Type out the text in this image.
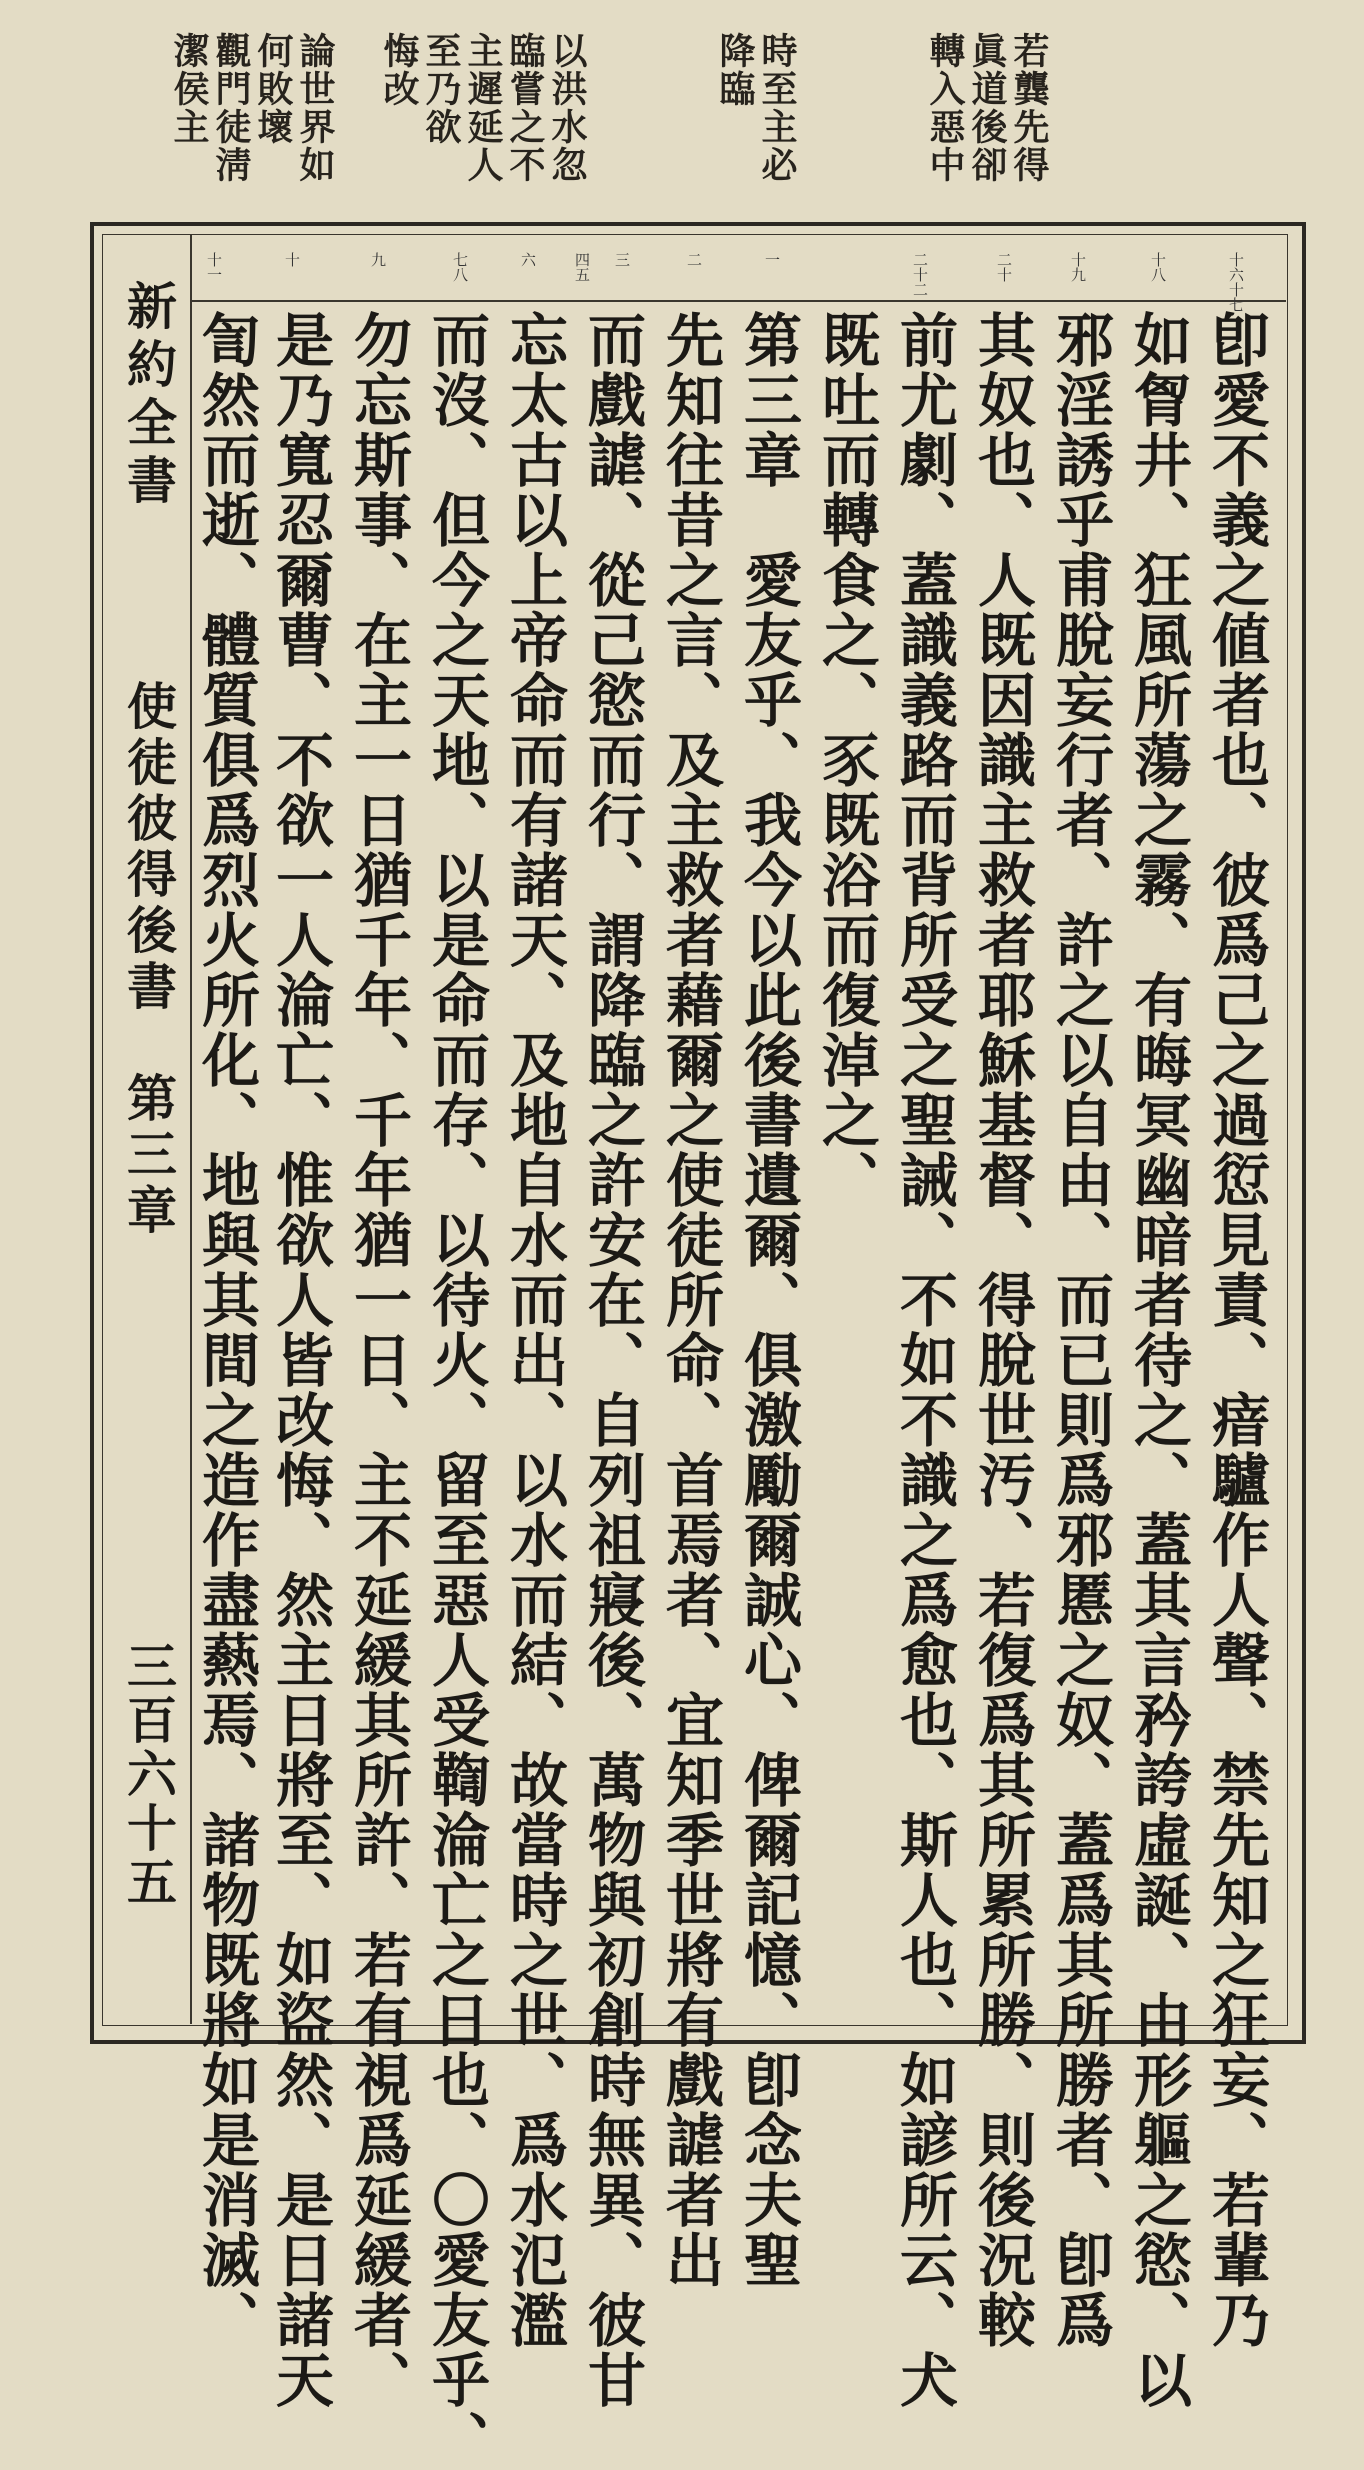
若龔先得
眞道後卻
轉入惡中
時至主必
降臨
以洪水忽
臨嘗之不
主遲延人
至乃欲
悔改
論世界如
何敗壞
觀門徒淸
潔侯主
新約全書
使徒彼得後書　第三章
三百六十五
十六十七
十八
十九
二十
二十二
一
二
三
四五
六
七八
九
十
十一
卽愛不義之値者也、彼爲己之過愆見責、瘖驢作人聲、禁先知之狂妄、若輩乃
如胷井、狂風所蕩之霧、有晦冥幽暗者待之、蓋其言矜誇虛誕、由形軀之慾、以
邪淫誘乎甫脫妄行者、許之以自由、而已則爲邪慝之奴、蓋爲其所勝者、卽爲
其奴也、人既因識主救者耶穌基督、得脫世汚、若復爲其所累所勝、則後況較
前尤劇、蓋識義路而背所受之聖誡、不如不識之爲愈也、斯人也、如諺所云、犬
既吐而轉食之、豕既浴而復淖之、
第三章　愛友乎、我今以此後書遺爾、俱激勵爾誠心、俾爾記憶、卽念夫聖
先知往昔之言、及主救者藉爾之使徒所命、首焉者、宜知季世將有戲謔者出
而戲謔、從己慾而行、謂降臨之許安在、自列祖寢後、萬物與初創時無異、彼甘
忘太古以上帝命而有諸天、及地自水而出、以水而結、故當時之世、爲水氾濫
而沒、但今之天地、以是命而存、以待火、留至惡人受鞫淪亡之日也、〇愛友乎、
勿忘斯事、在主一日猶千年、千年猶一日、主不延緩其所許、若有視爲延緩者、
是乃寬忍爾曹、不欲一人淪亡、惟欲人皆改悔、然主日將至、如盜然、是日諸天
訇然而逝、體質俱爲烈火所化、地與其間之造作盡爇焉、諸物既將如是消滅、
